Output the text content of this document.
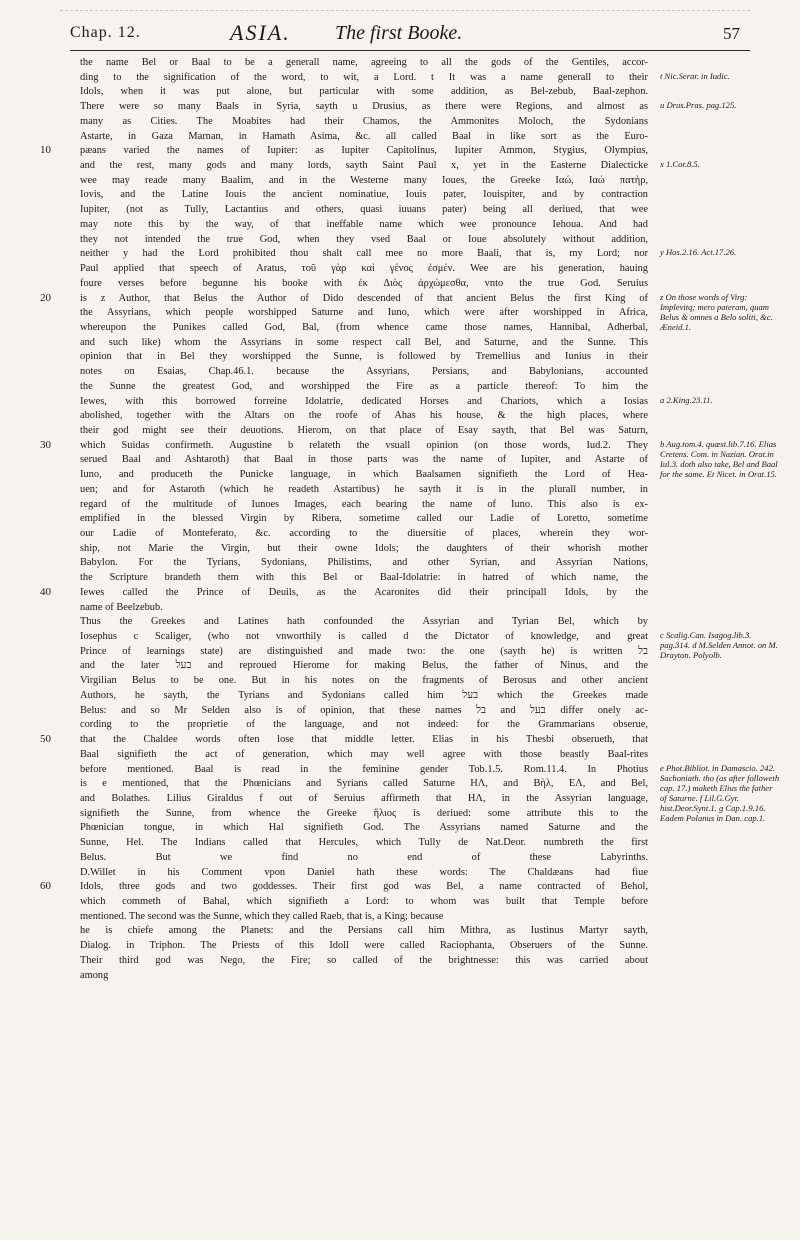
Chap. 12.	ASIA. The first Booke.	57
10
20
30
40
50
60
the name Bel or Baal to be a generall name, agreeing to all the gods of the Gentiles, accor-
ding to the signification of the word, to wit, a Lord. t It was a name generall to their
Idols, when it was put alone, but particular with some addition, as Bel-zebub, Baal-zephon.
There were so many Baals in Syria, sayth u Drusius, as there were Regions, and almost as
many as Cities. The Moabites had their Chamos, the Ammonites Moloch, the Sydonians
Astarte, in Gaza Marnan, in Hamath Asima, &c. all called Baal in like sort as the Euro-
pæans varied the names of Iupiter: as Iupiter Capitolinus, Iupiter Ammon, Stygius, Olympius,
and the rest, many gods and many lords, sayth Saint Paul x, yet in the Easterne Dialecticke
wee may reade many Baalim, and in the Westerne many Ioues, the Greeke Ιαώ, Ιαώ πατὴρ,
Iovis, and the Latine Iouis the ancient nominatiue, Iouis pater, Iouispiter, and by contraction
Iupiter, (not as Tully, Lactantius and others, quasi iuuans pater) being all deriued, that wee
may note this by the way, of that ineffable name which wee pronounce Iehoua. And had
they not intended the true God, when they vsed Baal or Ioue absolutely without addition,
neither y had the Lord prohibited thou shalt call mee no more Baali, that is, my Lord; nor
Paul applied that speech of Aratus, τοῦ γὰρ καὶ γένος ἐσμέν. Wee are his generation, hauing
foure verses before begunne his booke with ἐκ Διὸς ἀρχώμεσθα, vnto the true God. Seruius
is z Author, that Belus the Author of Dido descended of that ancient Belus the first King of
the Assyrians, which people worshipped Saturne and Iuno, which were after worshipped in Africa,
whereupon the Punikes called God, Bal, (from whence came those names, Hannibal, Adherbal,
and such like) whom the Assyrians in some respect call Bel, and Saturne, and the Sunne. This
opinion that in Bel they worshipped the Sunne, is followed by Tremellius and Iunius in their
notes on Esaias, Chap.46.1. because the Assyrians, Persians, and Babylonians, accounted
the Sunne the greatest God, and worshipped the Fire as a particle thereof: To him the
Iewes, with this borrowed forreine Idolatrie, dedicated Horses and Chariots, which a Iosias
abolished, together with the Altars on the roofe of Ahas his house, & the high places, where
their god might see their deuotions. Hierom, on that place of Esay sayth, that Bel was Saturn,
which Suidas confirmeth. Augustine b relateth the vsuall opinion (on those words, Iud.2. They
serued Baal and Ashtaroth) that Baal in those parts was the name of Iupiter, and Astarte of
Iuno, and produceth the Punicke language, in which Baalsamen signifieth the Lord of Hea-
uen; and for Astaroth (which he readeth Astartibus) he sayth it is in the plurall number, in
regard of the multitude of Iunoes Images, each bearing the name of Iuno. This also is ex-
emplified in the blessed Virgin by Ribera, sometime called our Ladie of Loretto, sometime
our Ladie of Monteferato, &c. according to the diuersitie of places, wherein they wor-
ship, not Marie the Virgin, but their owne Idols; the daughters of their whorish mother
Babylon. For the Tyrians, Sydonians, Philistims, and other Syrian, and Assyrian Nations,
the Scripture brandeth them with this Bel or Baal-Idolatrie: in hatred of which name, the
Iewes called the Prince of Deuils, as the Acaronites did their principall Idols, by the
name of Beelzebub.
Thus the Greekes and Latines hath confounded the Assyrian and Tyrian Bel, which by
Iosephus c Scaliger, (who not vnworthily is called d the Dictator of knowledge, and great
Prince of learnings state) are distinguished and made two: the one (sayth he) is written בל
and the later בעל and reproued Hierome for making Belus, the father of Ninus, and the
Virgilian Belus to be one. But in his notes on the fragments of Berosus and other ancient
Authors, he sayth, the Tyrians and Sydonians called him בעל which the Greekes made
Belus: and so Mr Selden also is of opinion, that these names בל and בעל differ onely ac-
cording to the proprietie of the language, and not indeed: for the Grammarians obserue,
that the Chaldee words often lose that middle letter. Elias in his Thesbi obserueth, that
Baal signifieth the act of generation, which may well agree with those beastly Baal-rites
before mentioned. Baal is read in the feminine gender Tob.1.5. Rom.11.4. In Photius
is e mentioned, that the Phœnicians and Syrians called Saturne ΗΛ, and Βὴλ, ΕΛ, and Bel,
and Bolathes. Lilius Giraldus f out of Seruius affirmeth that ΗΛ, in the Assyrian language,
signifieth the Sunne, from whence the Greeke ἥλιος is deriued: some attribute this to the
Phœnician tongue, in which Hal signifieth God. The Assyrians named Saturne and the
Sunne, Hel. The Indians called that Hercules, which Tully de Nat.Deor. numbreth the first
Belus. But we find no end of these Labyrinths.
D.Willet in his Comment vpon Daniel hath these words: The Chaldæans had fiue
Idols, three gods and two goddesses. Their first god was Bel, a name contracted of Behol,
which commeth of Bahal, which signifieth a Lord: to whom was built that Temple before
mentioned. The second was the Sunne, which they called Raeb, that is, a King; because
he is chiefe among the Planets: and the Persians call him Mithra, as Iustinus Martyr sayth,
Dialog. in Triphon. The Priests of this Idoll were called Raciophanta, Obseruers of the Sunne.
Their third god was Nego, the Fire; so called of the brightnesse: this was carried about
among
t Nic.Serar. in Iudic.
u Drus.Pras. pag.125.
x 1.Cor.8.5.
y Hos.2.16. Act.17.26.
z On those words of Virg: Implevitq; mero pateram, quam Belus & omnes a Belo soliti, &c. Æneid.1.
a 2.King.23.11.
b Aug.tom.4. quæst.lib.7.16. Elias Cretens. Com. in Nazian. Orat.in Iul.3. doth also take, Bel and Baal for the same. Et Nicet. in Orat.15.
c Scalig.Can. Isagog.lib.3. pag.314. d M.Selden Annot. on M. Drayton. Polyolb.
e Phot.Bibliot. in Damascio. 242. Sachoniath. tho (as after followeth cap. 17.) maketh Elius the father of Saturne. f Lil.G.Gyr. hist.Deor.Synt.1. g Cap.1.9.16. Eadem Polanus in Dan. cap.1.
